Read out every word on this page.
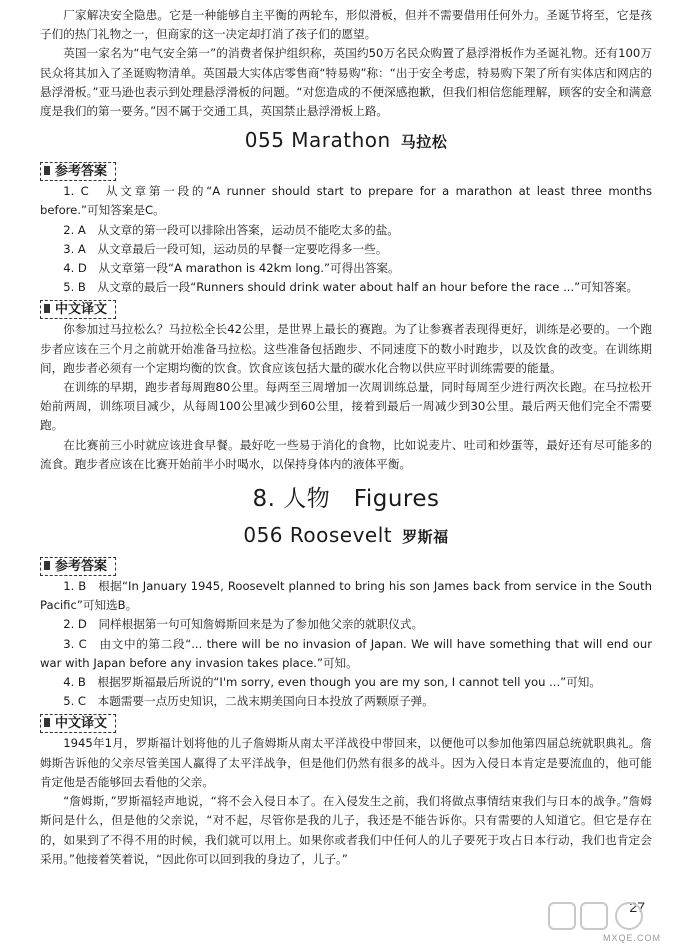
厂家解决安全隐患。它是一种能够自主平衡的两轮车，形似滑板，但并不需要借用任何外力。圣诞节将至，它是孩子们的热门礼物之一，但商家的这一决定却打消了孩子们的愿望。

英国一家名为“电气安全第一”的消费者保护组织称，英国约50万名民众购置了悬浮滑板作为圣诞礼物。还有100万民众将其加入了圣诞购物清单。英国最大实体店零售商“特易购”称：“出于安全考虑，特易购下架了所有实体店和网店的悬浮滑板。”亚马逊也表示到处理悬浮滑板的问题。“对您造成的不便深感抱歉，但我们相信您能理解，顾客的安全和满意度是我们的第一要务。”因不属于交通工具，英国禁止悬浮滑板上路。

055 Marathon 马拉松
参考答案

1. C　从文章第一段的“A runner should start to prepare for a marathon at least three months before.”可知答案是C。

2. A　从文章的第一段可以排除出答案，运动员不能吃太多的盐。

3. A　从文章最后一段可知，运动员的早餐一定要吃得多一些。

4. D　从文章第一段“A marathon is 42km long.”可得出答案。

5. B　从文章的最后一段“Runners should drink water about half an hour before the race ...”可知答案。

中文译文

你参加过马拉松么？马拉松全长42公里，是世界上最长的赛跑。为了让参赛者表现得更好，训练是必要的。一个跑步者应该在三个月之前就开始准备马拉松。这些准备包括跑步、不同速度下的数小时跑步，以及饮食的改变。在训练期间，跑步者必须有一个定期均衡的饮食。饮食应该包括大量的碳水化合物以供应平时训练需要的能量。

在训练的早期，跑步者每周跑80公里。每两至三周增加一次周训练总量，同时每周至少进行两次长跑。在马拉松开始前两周，训练项目减少，从每周100公里减少到60公里，接着到最后一周减少到30公里。最后两天他们完全不需要跑。

在比赛前三小时就应该进食早餐。最好吃一些易于消化的食物，比如说麦片、吐司和炒蛋等，最好还有尽可能多的流食。跑步者应该在比赛开始前半小时喝水，以保持身体内的液体平衡。

8. 人物　Figures
056 Roosevelt 罗斯福
参考答案

1. B　根据“In January 1945, Roosevelt planned to bring his son James back from service in the South Pacific”可知选B。

2. D　同样根据第一句可知詹姆斯回来是为了参加他父亲的就职仪式。

3. C　由文中的第二段“... there will be no invasion of Japan. We will have something that will end our war with Japan before any invasion takes place.”可知。

4. B　根据罗斯福最后所说的“I'm sorry, even though you are my son, I cannot tell you ...”可知。

5. C　本题需要一点历史知识，二战末期美国向日本投放了两颗原子弹。

中文译文

1945年1月，罗斯福计划将他的儿子詹姆斯从南太平洋战役中带回来，以便他可以参加他第四届总统就职典礼。詹姆斯告诉他的父亲尽管美国人赢得了太平洋战争，但是他们仍然有很多的战斗。因为入侵日本肯定是要流血的，他可能肯定他是否能够回去看他的父亲。

“詹姆斯，”罗斯福轻声地说，“将不会入侵日本了。在入侵发生之前，我们将做点事情结束我们与日本的战争。”詹姆斯问是什么，但是他的父亲说，“对不起，尽管你是我的儿子，我还是不能告诉你。只有需要的人知道它。但它是存在的，如果到了不得不用的时候，我们就可以用上。如果你或者我们中任何人的儿子要死于攻占日本行动，我们也肯定会采用。”他接着笑着说，“因此你可以回到我的身边了，儿子。”

27
MXQE.COM
